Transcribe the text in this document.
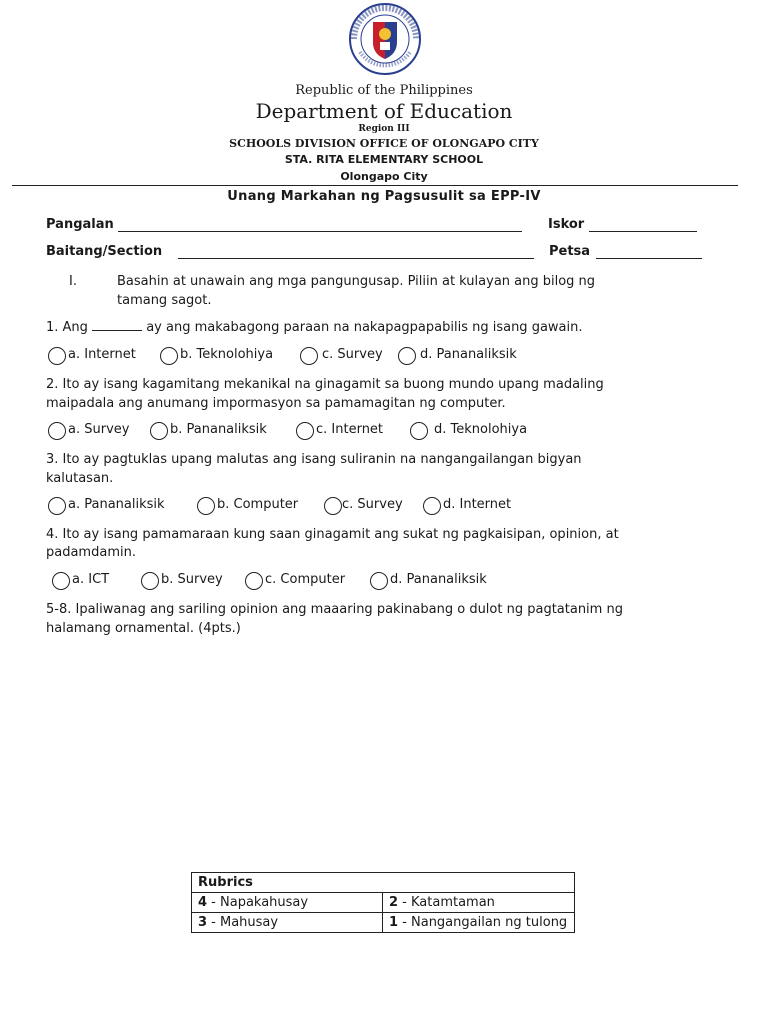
Republic of the Philippines
Department of Education
Region III
SCHOOLS DIVISION OFFICE OF OLONGAPO CITY
STA. RITA ELEMENTARY SCHOOL
Olongapo City
Unang Markahan ng Pagsusulit sa EPP-IV
Pangalan	Iskor
Baitang/Section	Petsa
I.	Basahin at unawain ang mga pangungusap. Piliin at kulayan ang bilog ng
tamang sagot.
1. Ang	ay ang makabagong paraan na nakapagpapabilis ng isang gawain.
a. Internet	b. Teknolohiya	c. Survey	d. Pananaliksik
2. Ito ay isang kagamitang mekanikal na ginagamit sa buong mundo upang madaling
maipadala ang anumang impormasyon sa pamamagitan ng computer.
a. Survey	b. Pananaliksik	c. Internet	d. Teknolohiya
3. Ito ay pagtuklas upang malutas ang isang suliranin na nangangailangan bigyan
kalutasan.
a. Pananaliksik	b. Computer	c. Survey	d. Internet
4. Ito ay isang pamamaraan kung saan ginagamit ang sukat ng pagkaisipan, opinion, at
padamdamin.
a. ICT	b. Survey	c. Computer	d. Pananaliksik
5-8. Ipaliwanag ang sariling opinion ang maaaring pakinabang o dulot ng pagtatanim ng
halamang ornamental. (4pts.)
Rubrics	
4 - Napakahusay	2 - Katamtaman
3 - Mahusay	1 - Nangangailan ng tulong
